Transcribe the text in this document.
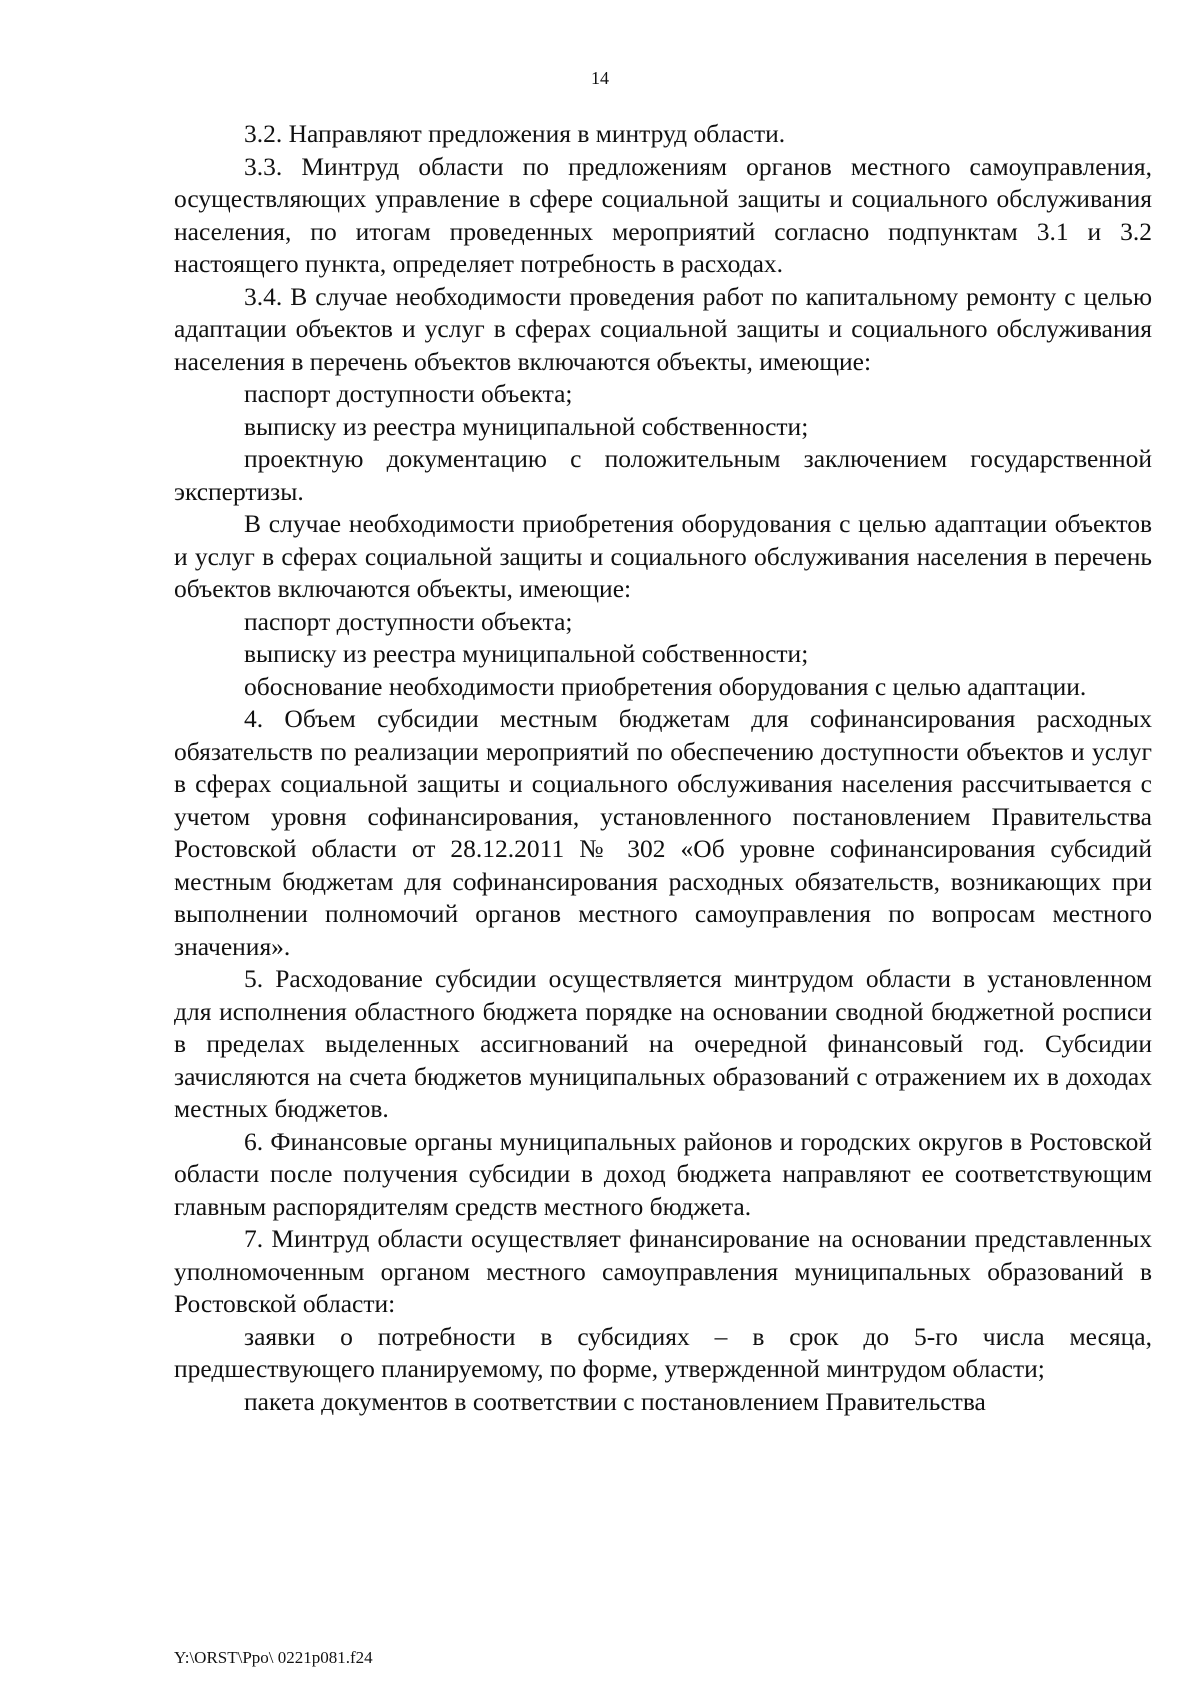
14

3.2. Направляют предложения в минтруд области.

3.3. Минтруд области по предложениям органов местного самоуправления, осуществляющих управление в сфере социальной защиты и социального обслуживания населения, по итогам проведенных мероприятий согласно подпунктам 3.1 и 3.2 настоящего пункта, определяет потребность в расходах.

3.4. В случае необходимости проведения работ по капитальному ремонту с целью адаптации объектов и услуг в сферах социальной защиты и социального обслуживания населения в перечень объектов включаются объекты, имеющие:

паспорт доступности объекта;

выписку из реестра муниципальной собственности;

проектную документацию с положительным заключением государственной экспертизы.

В случае необходимости приобретения оборудования с целью адаптации объектов и услуг в сферах социальной защиты и социального обслуживания населения в перечень объектов включаются объекты, имеющие:

паспорт доступности объекта;

выписку из реестра муниципальной собственности;

обоснование необходимости приобретения оборудования с целью адаптации.

4. Объем субсидии местным бюджетам для софинансирования расходных обязательств по реализации мероприятий по обеспечению доступности объектов и услуг в сферах социальной защиты и социального обслуживания населения рассчитывается с учетом уровня софинансирования, установленного постановлением Правительства Ростовской области от 28.12.2011 № 302 «Об уровне софинансирования субсидий местным бюджетам для софинансирования расходных обязательств, возникающих при выполнении полномочий органов местного самоуправления по вопросам местного значения».

5. Расходование субсидии осуществляется минтрудом области в установленном для исполнения областного бюджета порядке на основании сводной бюджетной росписи в пределах выделенных ассигнований на очередной финансовый год. Субсидии зачисляются на счета бюджетов муниципальных образований с отражением их в доходах местных бюджетов.

6. Финансовые органы муниципальных районов и городских округов в Ростовской области после получения субсидии в доход бюджета направляют ее соответствующим главным распорядителям средств местного бюджета.

7. Минтруд области осуществляет финансирование на основании представленных уполномоченным органом местного самоуправления муниципальных образований в Ростовской области:

заявки о потребности в субсидиях – в срок до 5-го числа месяца, предшествующего планируемому, по форме, утвержденной минтрудом области;

пакета документов в соответствии с постановлением Правительства

Y:\ORST\Ppo\ 0221p081.f24
